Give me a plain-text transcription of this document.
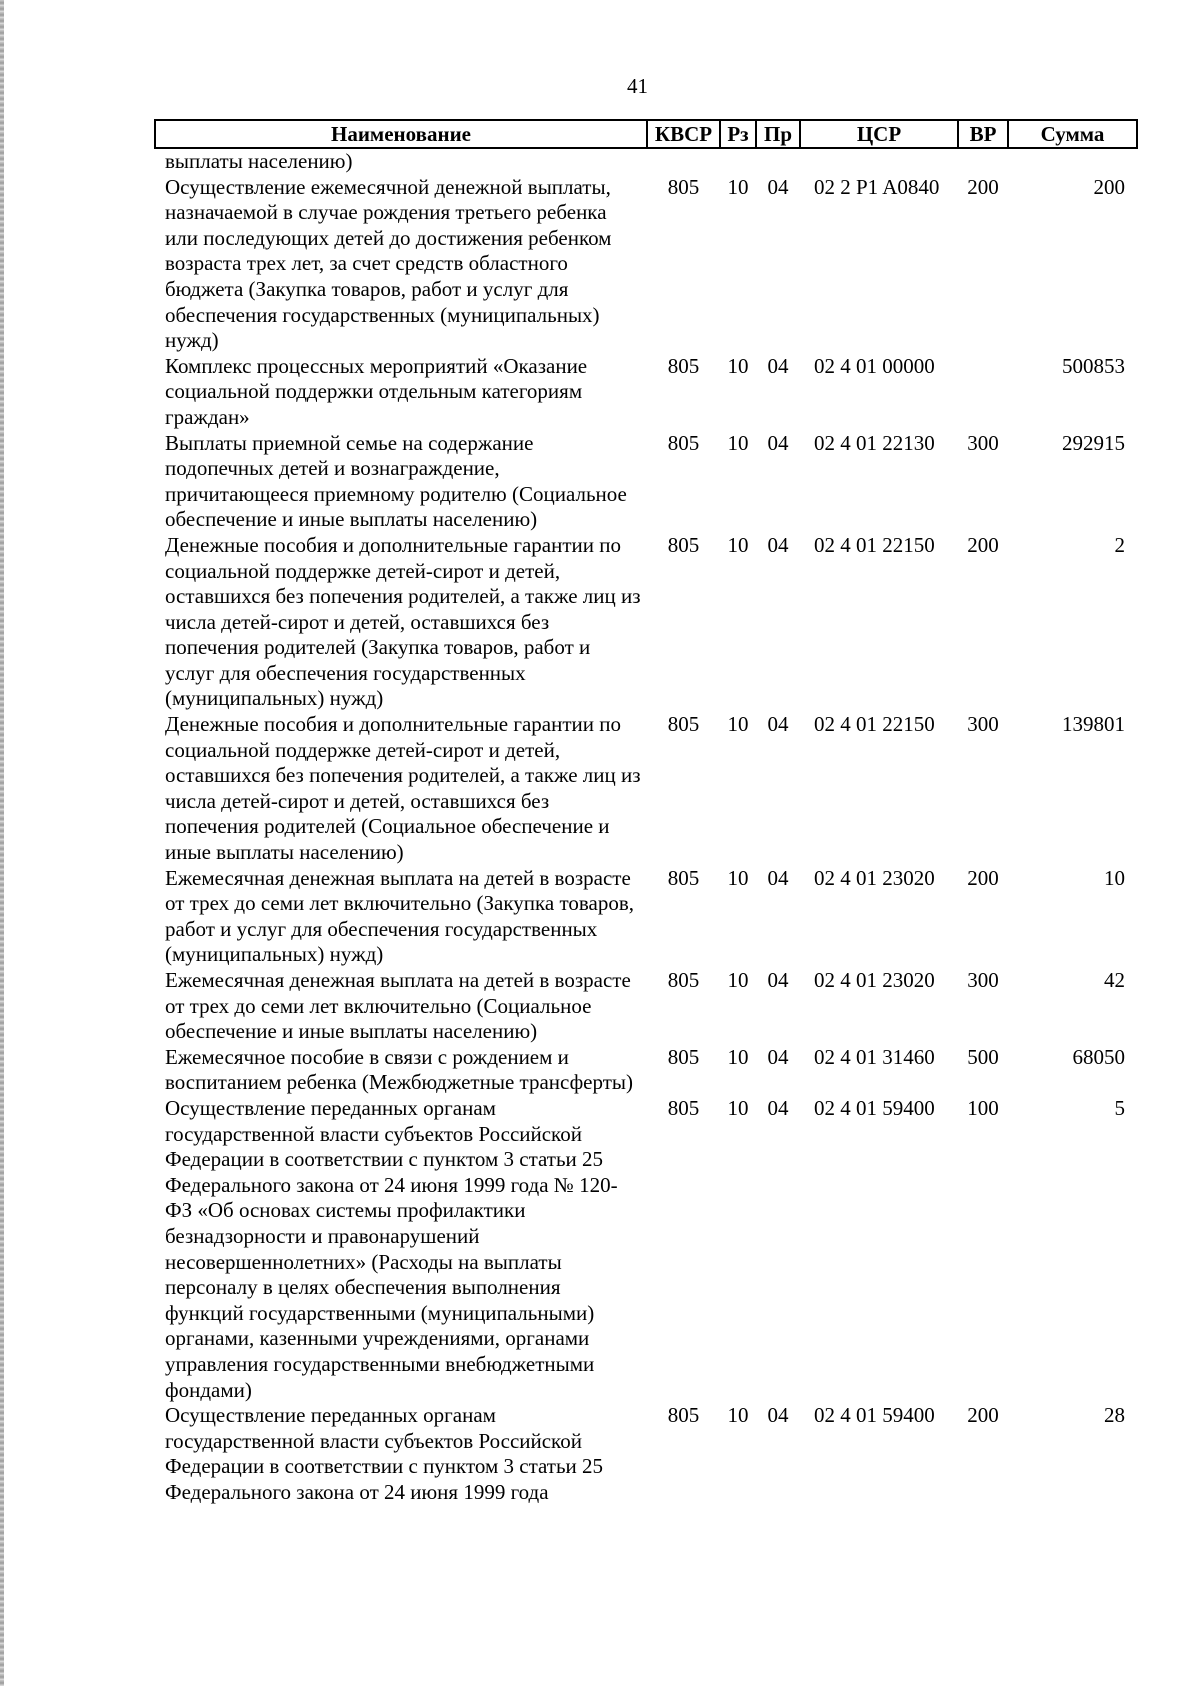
41
Наименование	КВСР	Рз	Пр	ЦСР	ВР	Сумма
выплаты населению)						
Осуществление ежемесячной денежной выплаты, назначаемой в случае рождения третьего ребенка или последующих детей до достижения ребенком возраста трех лет, за счет средств областного бюджета (Закупка товаров, работ и услуг для обеспечения государственных (муниципальных) нужд)	805	10	04	02 2 P1 A0840	200	200
Комплекс процессных мероприятий «Оказание социальной поддержки отдельным категориям граждан»	805	10	04	02 4 01 00000		500853
Выплаты приемной семье на содержание подопечных детей и вознаграждение, причитающееся приемному родителю (Социальное обеспечение и иные выплаты населению)	805	10	04	02 4 01 22130	300	292915
Денежные пособия и дополнительные гарантии по социальной поддержке детей-сирот и детей, оставшихся без попечения родителей, а также лиц из числа детей-сирот и детей, оставшихся без попечения родителей (Закупка товаров, работ и услуг для обеспечения государственных (муниципальных) нужд)	805	10	04	02 4 01 22150	200	2
Денежные пособия и дополнительные гарантии по социальной поддержке детей-сирот и детей, оставшихся без попечения родителей, а также лиц из числа детей-сирот и детей, оставшихся без попечения родителей (Социальное обеспечение и иные выплаты населению)	805	10	04	02 4 01 22150	300	139801
Ежемесячная денежная выплата на детей в возрасте от трех до семи лет включительно (Закупка товаров, работ и услуг для обеспечения государственных (муниципальных) нужд)	805	10	04	02 4 01 23020	200	10
Ежемесячная денежная выплата на детей в возрасте от трех до семи лет включительно (Социальное обеспечение и иные выплаты населению)	805	10	04	02 4 01 23020	300	42
Ежемесячное пособие в связи с рождением и воспитанием ребенка (Межбюджетные трансферты)	805	10	04	02 4 01 31460	500	68050
Осуществление переданных органам государственной власти субъектов Российской Федерации в соответствии с пунктом 3 статьи 25 Федерального закона от 24 июня 1999 года № 120-ФЗ «Об основах системы профилактики безнадзорности и правонарушений несовершеннолетних» (Расходы на выплаты персоналу в целях обеспечения выполнения функций государственными (муниципальными) органами, казенными учреждениями, органами управления государственными внебюджетными фондами)	805	10	04	02 4 01 59400	100	5
Осуществление переданных органам государственной власти субъектов Российской Федерации в соответствии с пунктом 3 статьи 25 Федерального закона от 24 июня 1999 года	805	10	04	02 4 01 59400	200	28
